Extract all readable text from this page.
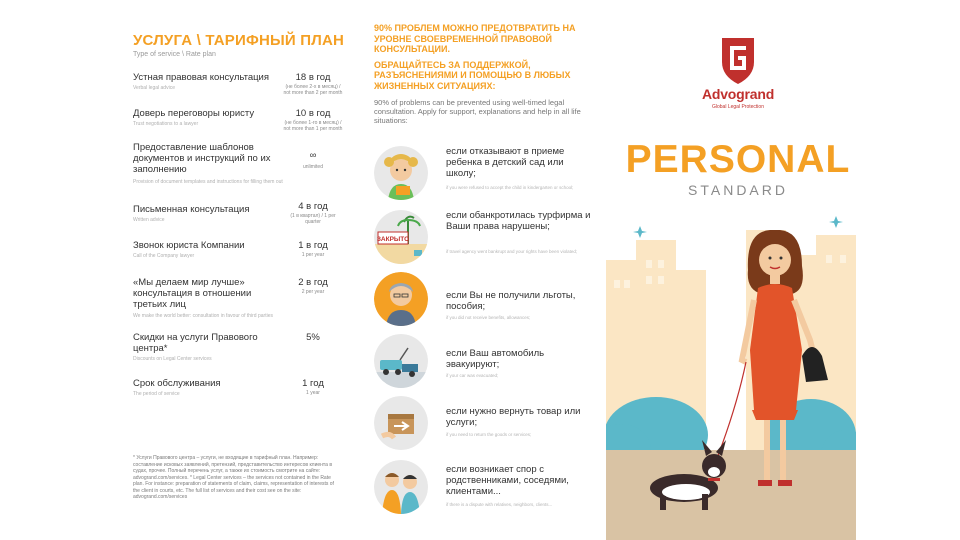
УСЛУГА \ ТАРИФНЫЙ ПЛАН
Type of service \ Rate plan
Устная правовая консультация
Verbal legal advice
18 в год
(не более 2-х в месяц) / not more than 2 per month
Доверь переговоры юристу
Trust negotiations to a lawyer
10 в год
(не более 1-го в месяц) / not more than 1 per month
Предоставление шаблонов документов и инструкций по их заполнению
Provision of document templates and instructions for filling them out
∞
unlimited
Письменная консультация
Written advice
4 в год
(1 в квартал) / 1 per quarter
Звонок юриста Компании
Call of the Company lawyer
1 в год
1 per year
«Мы делаем мир лучше» консультация в отношении третьих лиц
We make the world better: consultation in favour of third parties
2 в год
2 per year
Скидки на услуги Правового центра*
Discounts on Legal Center services
5%
Срок обслуживания
The period of service
1 год
1 year
* Услуги Правового центра – услуги, не входящие в тарифный план. Например: составление исковых заявлений, претензий, представительство интересов клиента в судах, прочее. Полный перечень услуг, а также их стоимость смотрите на сайте: advogrand.com/services. * Legal Center services – the services not contained in the Rate plan. For instance: preparation of statements of claim, claims, representation of interests of the client in courts, etc. The full list of services and their cost see on the site: advogrand.com/services
90% ПРОБЛЕМ МОЖНО ПРЕДОТВРАТИТЬ НА УРОВНЕ СВОЕВРЕМЕННОЙ ПРАВОВОЙ КОНСУЛЬТАЦИИ.
ОБРАЩАЙТЕСЬ ЗА ПОДДЕРЖКОЙ, РАЗЪЯСНЕНИЯМИ И ПОМОЩЬЮ В ЛЮБЫХ ЖИЗНЕННЫХ СИТУАЦИЯХ:
90% of problems can be prevented using well-timed legal consultation. Apply for support, explanations and help in all life situations:
если отказывают в приеме ребенка в детский сад или школу;
if you were refused to accept the child in kindergarten or school;
ЗАКРЫТО
если обанкротилась турфирма и Ваши права нарушены;
if travel agency went bankrupt and your rights have been violated;
если Вы не получили льготы, пособия;
if you did not receive benefits, allowances;
если Ваш автомобиль эвакуируют;
if your car was evacuated;
если нужно вернуть товар или услуги;
if you need to return the goods or services;
если возникает спор с родственниками, соседями, клиентами...
if there is a dispute with relatives, neighbors, clients...
Advogrand
Global Legal Protection
PERSONAL
STANDARD
